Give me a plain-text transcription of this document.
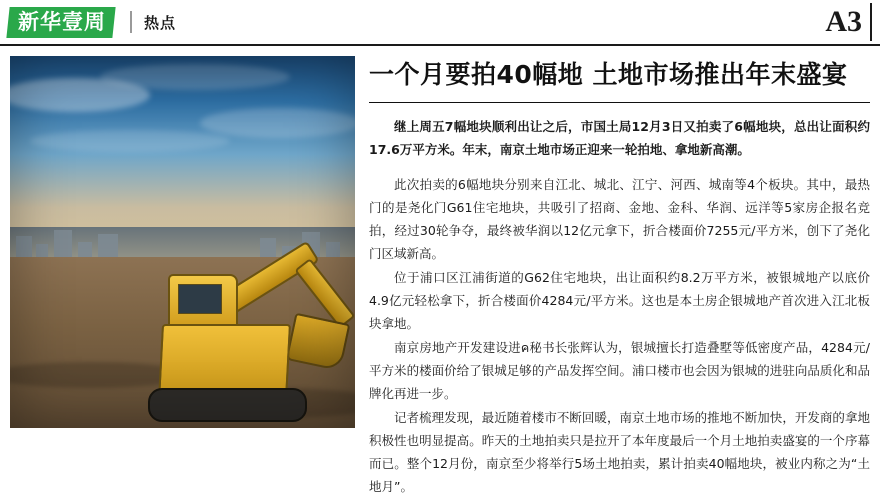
新华壹周	热点	A3
一个月要拍40幅地 土地市场推出年末盛宴

继上周五7幅地块顺利出让之后，市国土局12月3日又拍卖了6幅地块，总出让面积约17.6万平方米。年末，南京土地市场正迎来一轮拍地、拿地新高潮。

此次拍卖的6幅地块分别来自江北、城北、江宁、河西、城南等4个板块。其中，最热门的是尧化门G61住宅地块，共吸引了招商、金地、金科、华润、远洋等5家房企报名竞拍，经过30轮争夺，最终被华润以12亿元拿下，折合楼面价7255元/平方米，创下了尧化门区域新高。

位于浦口区江浦街道的G62住宅地块，出让面积约8.2万平方米，被银城地产以底价4.9亿元轻松拿下，折合楼面价4284元/平方米。这也是本土房企银城地产首次进入江北板块拿地。

南京房地产开发建设进ค秘书长张辉认为，银城擅长打造叠墅等低密度产品，4284元/平方米的楼面价给了银城足够的产品发挥空间。浦口楼市也会因为银城的进驻向品质化和品牌化再进一步。

记者梳理发现，最近随着楼市不断回暖，南京土地市场的推地不断加快，开发商的拿地积极性也明显提高。昨天的土地拍卖只是拉开了本年度最后一个月土地拍卖盛宴的一个序幕而已。整个12月份，南京至少将举行5场土地拍卖，累计拍卖40幅地块，被业内称之为“土地月”。
